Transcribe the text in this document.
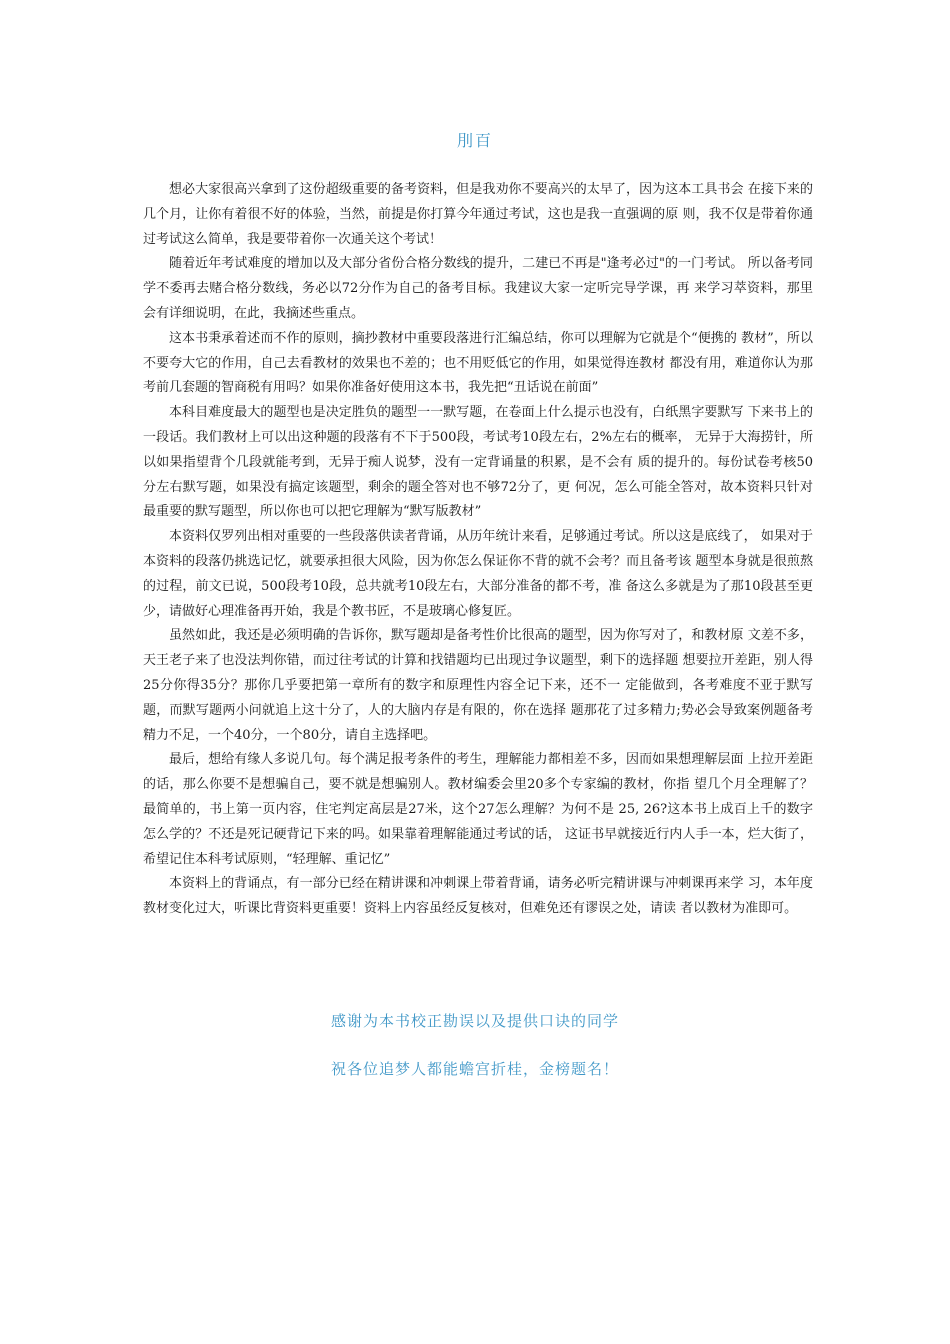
刖百

想必大家很高兴拿到了这份超级重要的备考资料，但是我劝你不要高兴的太早了，因为这本工具书会 在接下来的几个月，让你有着很不好的体验，当然，前提是你打算今年通过考试，这也是我一直强调的原 则，我不仅是带着你通过考试这么简单，我是要带着你一次通关这个考试！

随着近年考试难度的增加以及大部分省份合格分数线的提升，二建已不再是"逢考必过"的一门考试。 所以备考同学不委再去赌合格分数线，务必以72分作为自己的备考目标。我建议大家一定听完导学课，再 来学习萃资料，那里会有详细说明，在此，我摘述些重点。

这本书秉承着述而不作的原则，摘抄教材中重要段落进行汇编总结，你可以理解为它就是个“便携的 教材”，所以不要夸大它的作用，自己去看教材的效果也不差的；也不用贬低它的作用，如果觉得连教材 都没有用，难道你认为那考前几套题的智商税有用吗？如果你准备好使用这本书，我先把“丑话说在前面”

本科目难度最大的题型也是决定胜负的题型一一默写题，在卷面上什么提示也没有，白纸黑字要默写 下来书上的一段话。我们教材上可以出这种题的段落有不下于500段，考试考10段左右，2%左右的概率， 无异于大海捞针，所以如果指望背个几段就能考到，无异于痴人说梦，没有一定背诵量的积累，是不会有 质的提升的。每份试卷考核50分左右默写题，如果没有搞定该题型，剩余的题全答对也不够72分了，更 何况，怎么可能全答对，故本资料只针对最重要的默写题型，所以你也可以把它理解为“默写版教材”

本资料仅罗列出相对重要的一些段落供读者背诵，从历年统计来看，足够通过考试。所以这是底线了， 如果对于本资料的段落仍挑选记忆，就要承担很大风险，因为你怎么保证你不背的就不会考？而且备考该 题型本身就是很煎熬的过程，前文已说，500段考10段，总共就考10段左右，大部分准备的都不考，准 备这么多就是为了那10段甚至更少，请做好心理准备再开始，我是个教书匠，不是玻璃心修复匠。

虽然如此，我还是必须明确的告诉你，默写题却是备考性价比很高的题型，因为你写对了，和教材原 文差不多，天王老子来了也没法判你错，而过往考试的计算和找错题均已出现过争议题型，剩下的选择题 想要拉开差距，别人得25分你得35分？那你几乎要把第一章所有的数字和原理性内容全记下来，还不一 定能做到，各考难度不亚于默写题，而默写题两小问就追上这十分了，人的大脑内存是有限的，你在选择 题那花了过多精力;势必会导致案例题备考精力不足，一个40分，一个80分，请自主选择吧。

最后，想给有缘人多说几句。每个满足报考条件的考生，理解能力都相差不多，因而如果想理解层面 上拉开差距的话，那么你要不是想骗自己，要不就是想骗别人。教材编委会里20多个专家编的教材，你指 望几个月全理解了？最简单的，书上第一页内容，住宅判定高层是27米，这个27怎么理解？为何不是 25, 26?这本书上成百上千的数字怎么学的？不还是死记硬背记下来的吗。如果靠着理解能通过考试的话， 这证书早就接近行内人手一本，烂大街了，希望记住本科考试原则，“轻理解、重记忆”

本资料上的背诵点，有一部分已经在精讲课和冲刺课上带着背诵，请务必听完精讲课与冲刺课再来学 习，本年度教材变化过大，听课比背资料更重要！资料上内容虽经反复核对，但难免还有谬误之处，请读 者以教材为准即可。

感谢为本书校正勘误以及提供口诀的同学
祝各位追梦人都能蟾宫折桂，金榜题名！
